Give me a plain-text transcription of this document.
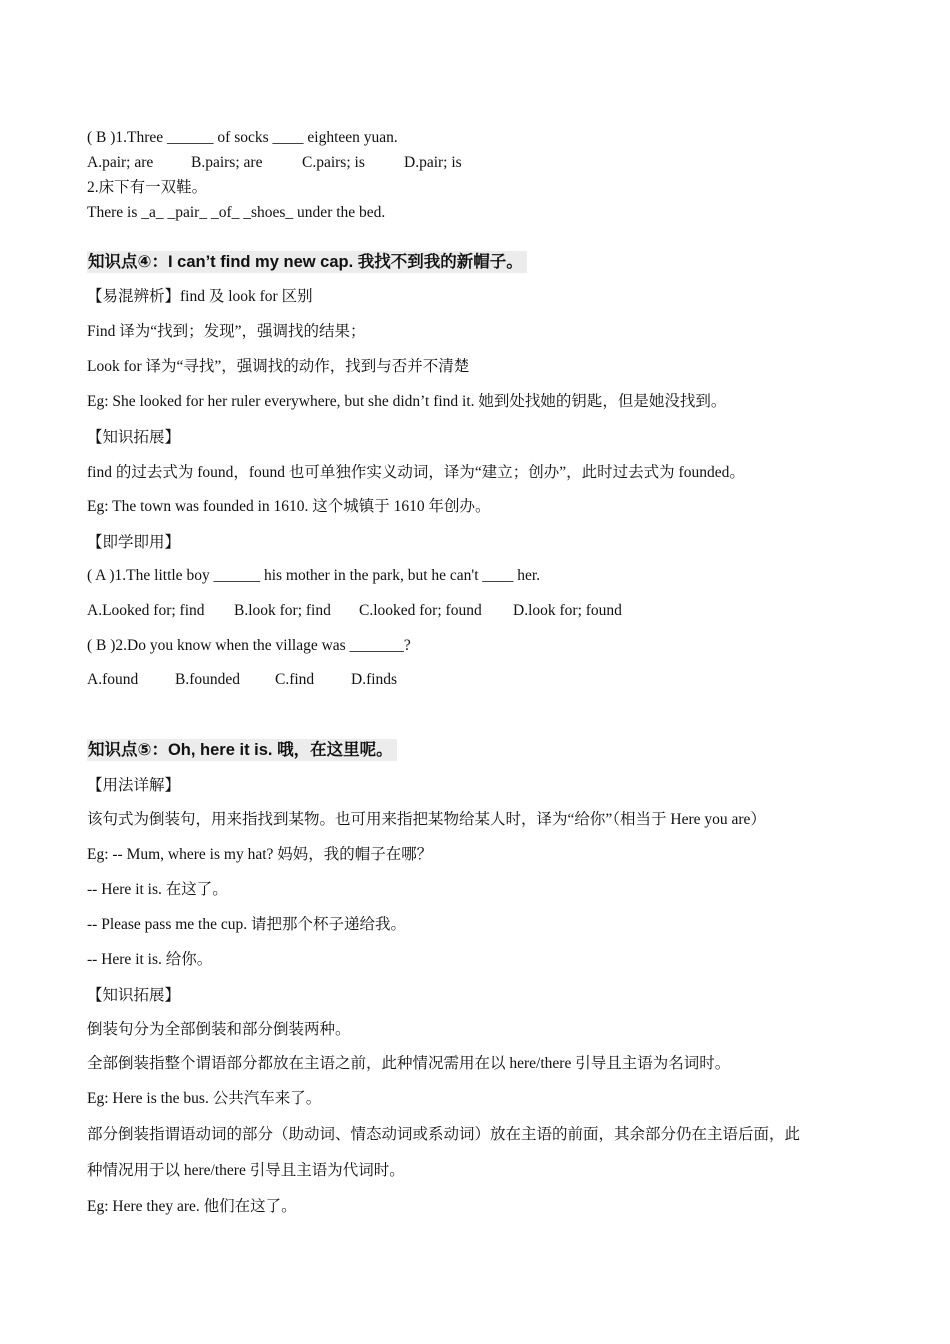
( B )1.Three ______ of socks ____ eighteen yuan.
A.pair; are B.pairs; are	C.pairs; is	D.pair; is
2.床下有一双鞋。
There is _a_ _pair_ _of_ _shoes_ under the bed.
知识点④：I can’t find my new cap. 我找不到我的新帽子。
【易混辨析】find 及 look for 区别
Find 译为“找到；发现”，强调找的结果；
Look for 译为“寻找”，强调找的动作，找到与否并不清楚
Eg: She looked for her ruler everywhere, but she didn’t find it. 她到处找她的钥匙，但是她没找到。
【知识拓展】
find 的过去式为 found，found 也可单独作实义动词，译为“建立；创办”，此时过去式为 founded。
Eg: The town was founded in 1610. 这个城镇于 1610 年创办。
【即学即用】
( A )1.The little boy ______ his mother in the park, but he can't ____ her.
A.Looked for; find B.look for; find C.looked for; found D.look for; found
( B )2.Do you know when the village was _______?
A.found B.founded C.find D.finds
知识点⑤：Oh, here it is. 哦，在这里呢。
【用法详解】
该句式为倒装句，用来指找到某物。也可用来指把某物给某人时，译为“给你”（相当于 Here you are）
Eg: -- Mum, where is my hat? 妈妈，我的帽子在哪？
-- Here it is. 在这了。
-- Please pass me the cup. 请把那个杯子递给我。
-- Here it is. 给你。
【知识拓展】
倒装句分为全部倒装和部分倒装两种。
全部倒装指整个谓语部分都放在主语之前，此种情况需用在以 here/there 引导且主语为名词时。
Eg: Here is the bus. 公共汽车来了。
部分倒装指谓语动词的部分（助动词、情态动词或系动词）放在主语的前面，其余部分仍在主语后面，此
种情况用于以 here/there 引导且主语为代词时。
Eg: Here they are. 他们在这了。
